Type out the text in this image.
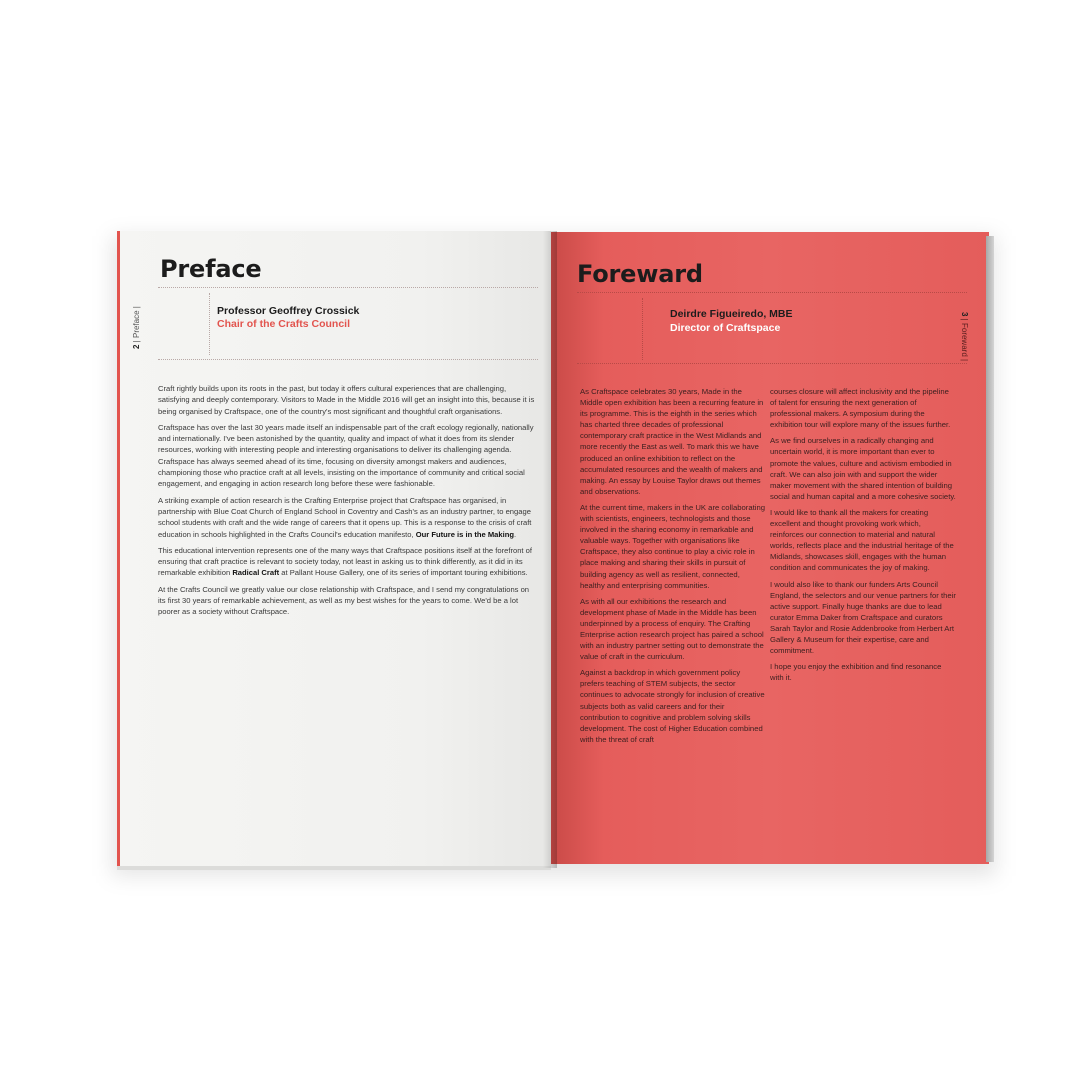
Preface
2 | Preface |	Professor Geoffrey Crossick
Chair of the Crafts Council

Craft rightly builds upon its roots in the past, but today it offers cultural experiences that are challenging, satisfying and deeply contemporary. Visitors to Made in the Middle 2016 will get an insight into this, because it is being organised by Craftspace, one of the country's most significant and thoughtful craft organisations.

Craftspace has over the last 30 years made itself an indispensable part of the craft ecology regionally, nationally and internationally. I've been astonished by the quantity, quality and impact of what it does from its slender resources, working with interesting people and interesting organisations to deliver its challenging agenda. Craftspace has always seemed ahead of its time, focusing on diversity amongst makers and audiences, championing those who practice craft at all levels, insisting on the importance of community and critical social engagement, and engaging in action research long before these were fashionable.

A striking example of action research is the Crafting Enterprise project that Craftspace has organised, in partnership with Blue Coat Church of England School in Coventry and Cash's as an industry partner, to engage school students with craft and the wide range of careers that it opens up. This is a response to the crisis of craft education in schools highlighted in the Crafts Council's education manifesto, Our Future is in the Making.

This educational intervention represents one of the many ways that Craftspace positions itself at the forefront of ensuring that craft practice is relevant to society today, not least in asking us to think differently, as it did in its remarkable exhibition Radical Craft at Pallant House Gallery, one of its series of important touring exhibitions.

At the Crafts Council we greatly value our close relationship with Craftspace, and I send my congratulations on its first 30 years of remarkable achievement, as well as my best wishes for the years to come. We'd be a lot poorer as a society without Craftspace.

Foreward
3 | Foreward |
Deirdre Figueiredo, MBE
Director of Craftspace

As Craftspace celebrates 30 years, Made in the Middle open exhibition has been a recurring feature in its programme. This is the eighth in the series which has charted three decades of professional contemporary craft practice in the West Midlands and more recently the East as well. To mark this we have produced an online exhibition to reflect on the accumulated resources and the wealth of makers and making. An essay by Louise Taylor draws out themes and observations.

At the current time, makers in the UK are collaborating with scientists, engineers, technologists and those involved in the sharing economy in remarkable and valuable ways. Together with organisations like Craftspace, they also continue to play a civic role in place making and sharing their skills in pursuit of building agency as well as resilient, connected, healthy and enterprising communities.

As with all our exhibitions the research and development phase of Made in the Middle has been underpinned by a process of enquiry. The Crafting Enterprise action research project has paired a school with an industry partner setting out to demonstrate the value of craft in the curriculum.

Against a backdrop in which government policy prefers teaching of STEM subjects, the sector continues to advocate strongly for inclusion of creative subjects both as valid careers and for their contribution to cognitive and problem solving skills development. The cost of Higher Education combined with the threat of craft

courses closure will affect inclusivity and the pipeline of talent for ensuring the next generation of professional makers. A symposium during the exhibition tour will explore many of the issues further.

As we find ourselves in a radically changing and uncertain world, it is more important than ever to promote the values, culture and activism embodied in craft. We can also join with and support the wider maker movement with the shared intention of building social and human capital and a more cohesive society.

I would like to thank all the makers for creating excellent and thought provoking work which, reinforces our connection to material and natural worlds, reflects place and the industrial heritage of the Midlands, showcases skill, engages with the human condition and communicates the joy of making.

I would also like to thank our funders Arts Council England, the selectors and our venue partners for their active support. Finally huge thanks are due to lead curator Emma Daker from Craftspace and curators Sarah Taylor and Rosie Addenbrooke from Herbert Art Gallery & Museum for their expertise, care and commitment.

I hope you enjoy the exhibition and find resonance with it.
